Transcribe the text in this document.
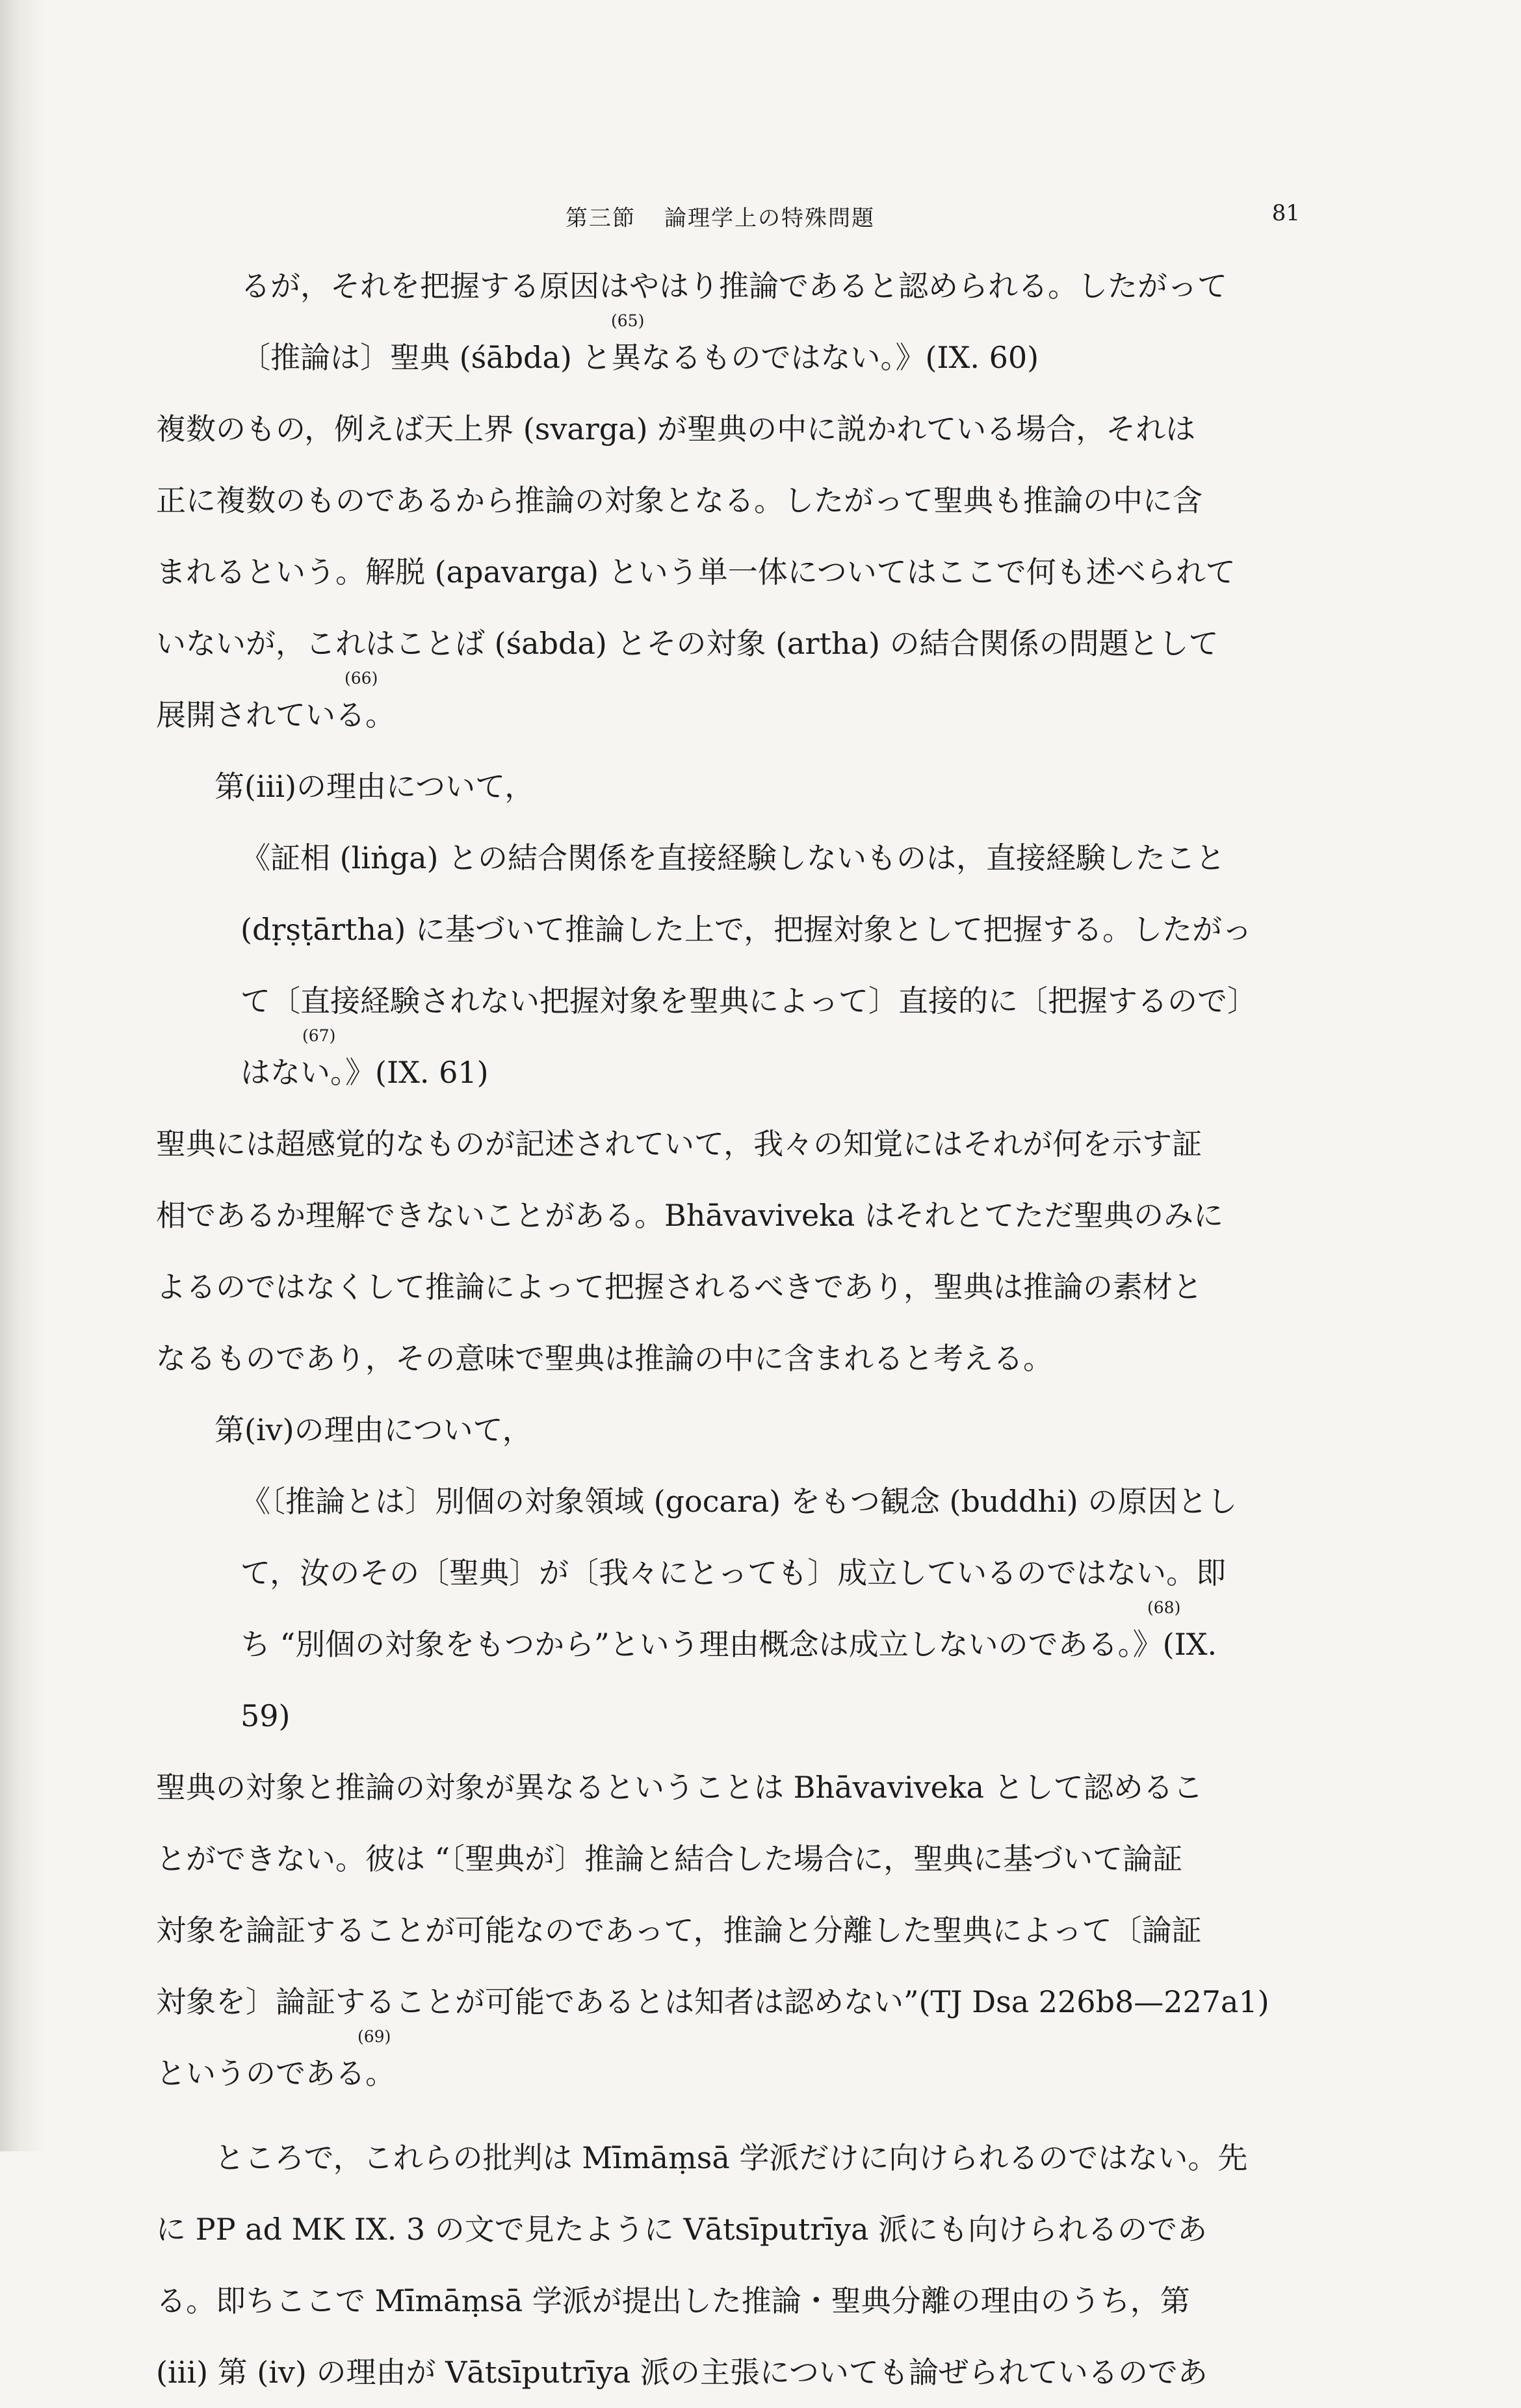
第三節 論理学上の特殊問題	81
るが，それを把握する原因はやはり推論であると認められる。したがって
〔推論は〕聖典 (śābda) と異なるものではない。》(IX. 60)
(65)
複数のもの，例えば天上界 (svarga) が聖典の中に説かれている場合，それは
正に複数のものであるから推論の対象となる。したがって聖典も推論の中に含
まれるという。解脱 (apavarga) という単一体についてはここで何も述べられて
いないが，これはことば (śabda) とその対象 (artha) の結合関係の問題として
展開されている。
(66)
第(iii)の理由について，
《証相 (liṅga) との結合関係を直接経験しないものは，直接経験したこと
(dṛṣṭārtha) に基づいて推論した上で，把握対象として把握する。したがっ
て〔直接経験されない把握対象を聖典によって〕直接的に〔把握するので〕
はない。》(IX. 61)
(67)
聖典には超感覚的なものが記述されていて，我々の知覚にはそれが何を示す証
相であるか理解できないことがある。Bhāvaviveka はそれとてただ聖典のみに
よるのではなくして推論によって把握されるべきであり，聖典は推論の素材と
なるものであり，その意味で聖典は推論の中に含まれると考える。
第(iv)の理由について，
《〔推論とは〕別個の対象領域 (gocara) をもつ観念 (buddhi) の原因とし
て，汝のその〔聖典〕が〔我々にとっても〕成立しているのではない。即
ち “別個の対象をもつから”という理由概念は成立しないのである。》(IX.
(68)
59)
聖典の対象と推論の対象が異なるということは Bhāvaviveka として認めるこ
とができない。彼は “〔聖典が〕推論と結合した場合に，聖典に基づいて論証
対象を論証することが可能なのであって，推論と分離した聖典によって〔論証
対象を〕論証することが可能であるとは知者は認めない”(TJ Dsa 226b8—227a1)
というのである。
(69)
ところで，これらの批判は Mīmāṃsā 学派だけに向けられるのではない。先
に PP ad MK IX. 3 の文で見たように Vātsīputrīya 派にも向けられるのであ
る。即ちここで Mīmāṃsā 学派が提出した推論・聖典分離の理由のうち，第
(iii) 第 (iv) の理由が Vātsīputrīya 派の主張についても論ぜられているのであ
